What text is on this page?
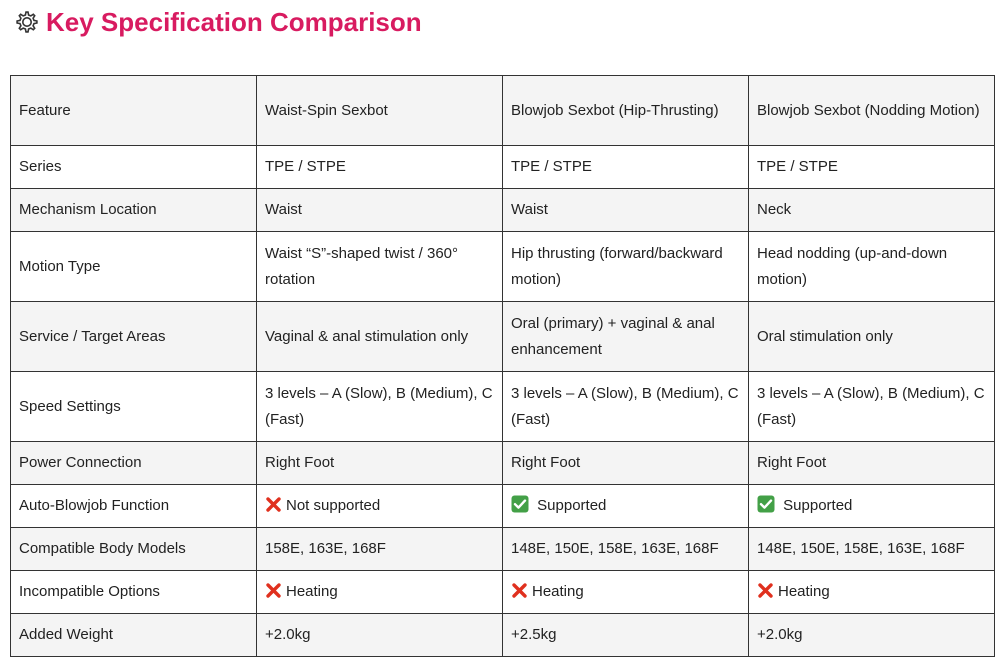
Key Specification Comparison
Feature	Waist-Spin Sexbot	Blowjob Sexbot (Hip-Thrusting)	Blowjob Sexbot (Nodding Motion)
Series	TPE / STPE	TPE / STPE	TPE / STPE
Mechanism Location	Waist	Waist	Neck
Motion Type	Waist “S”-shaped twist / 360° rotation	Hip thrusting (forward/backward motion)	Head nodding (up-and-down motion)
Service / Target Areas	Vaginal & anal stimulation only	Oral (primary) + vaginal & anal enhancement	Oral stimulation only
Speed Settings	3 levels – A (Slow), B (Medium), C (Fast)	3 levels – A (Slow), B (Medium), C (Fast)	3 levels – A (Slow), B (Medium), C (Fast)
Power Connection	Right Foot	Right Foot	Right Foot
Auto-Blowjob Function	Not supported	Supported	Supported
Compatible Body Models	158E, 163E, 168F	148E, 150E, 158E, 163E, 168F	148E, 150E, 158E, 163E, 168F
Incompatible Options	Heating	Heating	Heating
Added Weight	+2.0kg	+2.5kg	+2.0kg
